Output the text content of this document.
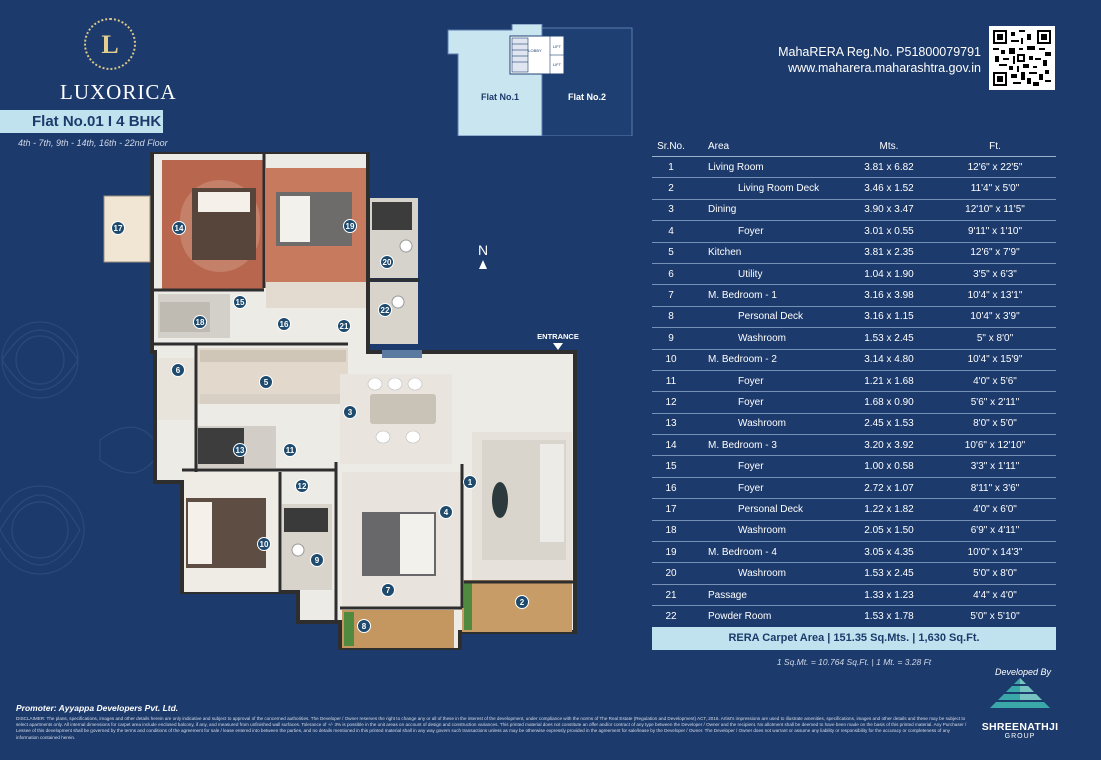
L
LUXORICA
Flat No.01 I 4 BHK
4th - 7th, 9th - 14th, 16th - 22nd Floor
LOBBY
LIFT
LIFT
Flat No.1	Flat No.2
MahaRERA Reg.No. P51800079791
www.maharera.maharashtra.gov.in
1
2
3
4
5
6
7
8
9
10
11
12
13
14
15
16
17
18
19
20
21
22
N
ENTRANCE
Sr.No.	Area	Mts.	Ft.
1	Living Room	3.81 x 6.82	12'6" x 22'5"
2	Living Room Deck	3.46 x 1.52	11'4" x 5'0"
3	Dining	3.90 x 3.47	12'10" x 11'5"
4	Foyer	3.01 x 0.55	9'11" x 1'10"
5	Kitchen	3.81 x 2.35	12'6" x 7'9"
6	Utility	1.04 x 1.90	3'5" x 6'3"
7	M. Bedroom - 1	3.16 x 3.98	10'4" x 13'1"
8	Personal Deck	3.16 x 1.15	10'4" x 3'9"
9	Washroom	1.53 x 2.45	5" x 8'0"
10	M. Bedroom - 2	3.14 x 4.80	10'4" x 15'9"
11	Foyer	1.21 x 1.68	4'0" x 5'6"
12	Foyer	1.68 x 0.90	5'6" x 2'11"
13	Washroom	2.45 x 1.53	8'0" x 5'0"
14	M. Bedroom - 3	3.20 x 3.92	10'6" x 12'10"
15	Foyer	1.00 x 0.58	3'3" x 1'11"
16	Foyer	2.72 x 1.07	8'11" x 3'6"
17	Personal Deck	1.22 x 1.82	4'0" x 6'0"
18	Washroom	2.05 x 1.50	6'9" x 4'11"
19	M. Bedroom - 4	3.05 x 4.35	10'0" x 14'3"
20	Washroom	1.53 x 2.45	5'0" x 8'0"
21	Passage	1.33 x 1.23	4'4" x 4'0"
22	Powder Room	1.53 x 1.78	5'0" x 5'10"
RERA Carpet Area | 151.35 Sq.Mts. | 1,630 Sq.Ft.
1 Sq.Mt. = 10.764 Sq.Ft. | 1 Mt. = 3.28 Ft
Developed By
SHREENATHJI
GROUP
Promoter: Ayyappa Developers Pvt. Ltd.
DISCLAIMER: The plans, specifications, images and other details herein are only indicative and subject to approval of the concerned authorities. The Developer / Owner reserves the right to change any or all of these in the interest of the development, under compliance with the norms of The Real Estate (Regulation and Development) ACT, 2016. Artist's impressions are used to illustrate amenities, specifications, images and other details and these may be subject to select apartments only. All internal dimensions for carpet area include enclosed balcony, if any, and measured from unfinished wall surfaces. Tolerance of +/- 3% is possible in the unit areas on account of design and construction variances. This printed material does not constitute an offer and/or contract of any type between the Developer / Owner and the recipient. No allotment shall be deemed to have been made on the basis of this printed material. Any Purchaser / Lessee of this development shall be governed by the terms and conditions of the agreement for sale / lease entered into between the parties, and no details mentioned in this printed material shall in any way govern such transactions unless as may be otherwise expressly provided in the agreement for sale/lease by the Developer / Owner. The Developer / Owner does not warrant or assume any liability or responsibility for the accuracy or completeness of any information contained herein.
